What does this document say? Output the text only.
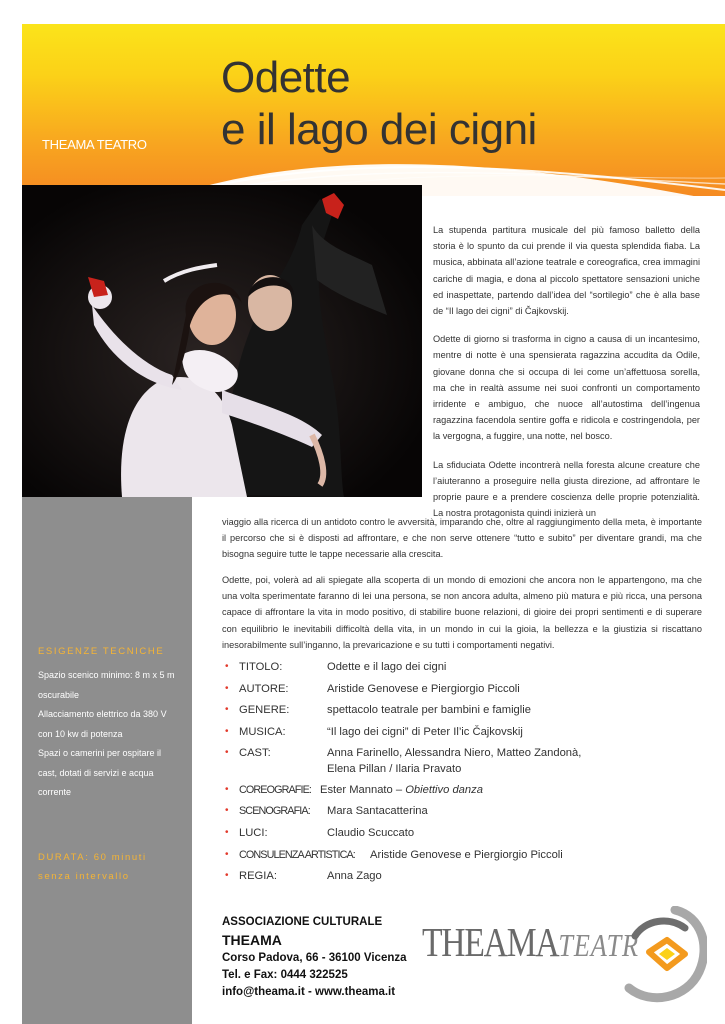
THEAMA TEATRO
Odette
e il lago dei cigni
ESIGENZE TECNICHE
Spazio scenico minimo: 8 m x 5 m
oscurabile
Allacciamento elettrico da 380 V
con 10 kw di potenza
Spazi o camerini per ospitare il
cast, dotati di servizi e acqua
corrente
DURATA: 60 minuti
senza intervallo

La stupenda partitura musicale del più famoso balletto della storia è lo spunto da cui prende il via questa splendida fiaba. La musica, abbinata all’azione teatrale e coreografica, crea immagini cariche di magia, e dona al piccolo spettatore sensazioni uniche ed inaspettate, partendo dall’idea del “sortilegio” che è alla base de “Il lago dei cigni” di Čajkovskij.

Odette di giorno si trasforma in cigno a causa di un incantesimo, mentre di notte è una spensierata ragazzina accudita da Odile, giovane donna che si occupa di lei come un’affettuosa sorella, ma che in realtà assume nei suoi confronti un comportamento irridente e ambiguo, che nuoce all’autostima dell’ingenua ragazzina facendola sentire goffa e ridicola e costringendola, per la vergogna, a fuggire, una notte, nel bosco.

La sfiduciata Odette incontrerà nella foresta alcune creature che l’aiuteranno a proseguire nella giusta direzione, ad affrontare le proprie paure e a prendere coscienza delle proprie potenzialità. La nostra protagonista quindi inizierà un

viaggio alla ricerca di un antidoto contro le avversità, imparando che, oltre al raggiungimento della meta, è importante il percorso che si è disposti ad affrontare, e che non serve ottenere “tutto e subito” per diventare grandi, ma che bisogna seguire tutte le tappe necessarie alla crescita.
Odette, poi, volerà ad ali spiegate alla scoperta di un mondo di emozioni che ancora non le appartengono, ma che una volta sperimentate faranno di lei una persona, se non ancora adulta, almeno più matura e più ricca, una persona capace di affrontare la vita in modo positivo, di stabilire buone relazioni, di gioire dei propri sentimenti e di superare con equilibrio le inevitabili difficoltà della vita, in un mondo in cui la gioia, la bellezza e la giustizia si riscattano inesorabilmente sull’inganno, la prevaricazione e su tutti i comportamenti negativi.
• TITOLO:	Odette e il lago dei cigni
• AUTORE:	Aristide Genovese e Piergiorgio Piccoli
• GENERE:	spettacolo teatrale per bambini e famiglie
• MUSICA:	“Il lago dei cigni” di Peter Il’ic Čajkovskij
• CAST:	Anna Farinello, Alessandra Niero, Matteo Zandonà,
Elena Pillan / Ilaria Pravato
• COREOGRAFIE: Ester Mannato – Obiettivo danza
• SCENOGRAFIA: Mara Santacatterina
• LUCI:	Claudio Scuccato
• CONSULENZA ARTISTICA: Aristide Genovese e Piergiorgio Piccoli
• REGIA:	Anna Zago
ASSOCIAZIONE CULTURALE
THEAMA
Corso Padova, 66 - 36100 Vicenza
Tel. e Fax: 0444 322525
info@theama.it - www.theama.it
THEAMATEATR
